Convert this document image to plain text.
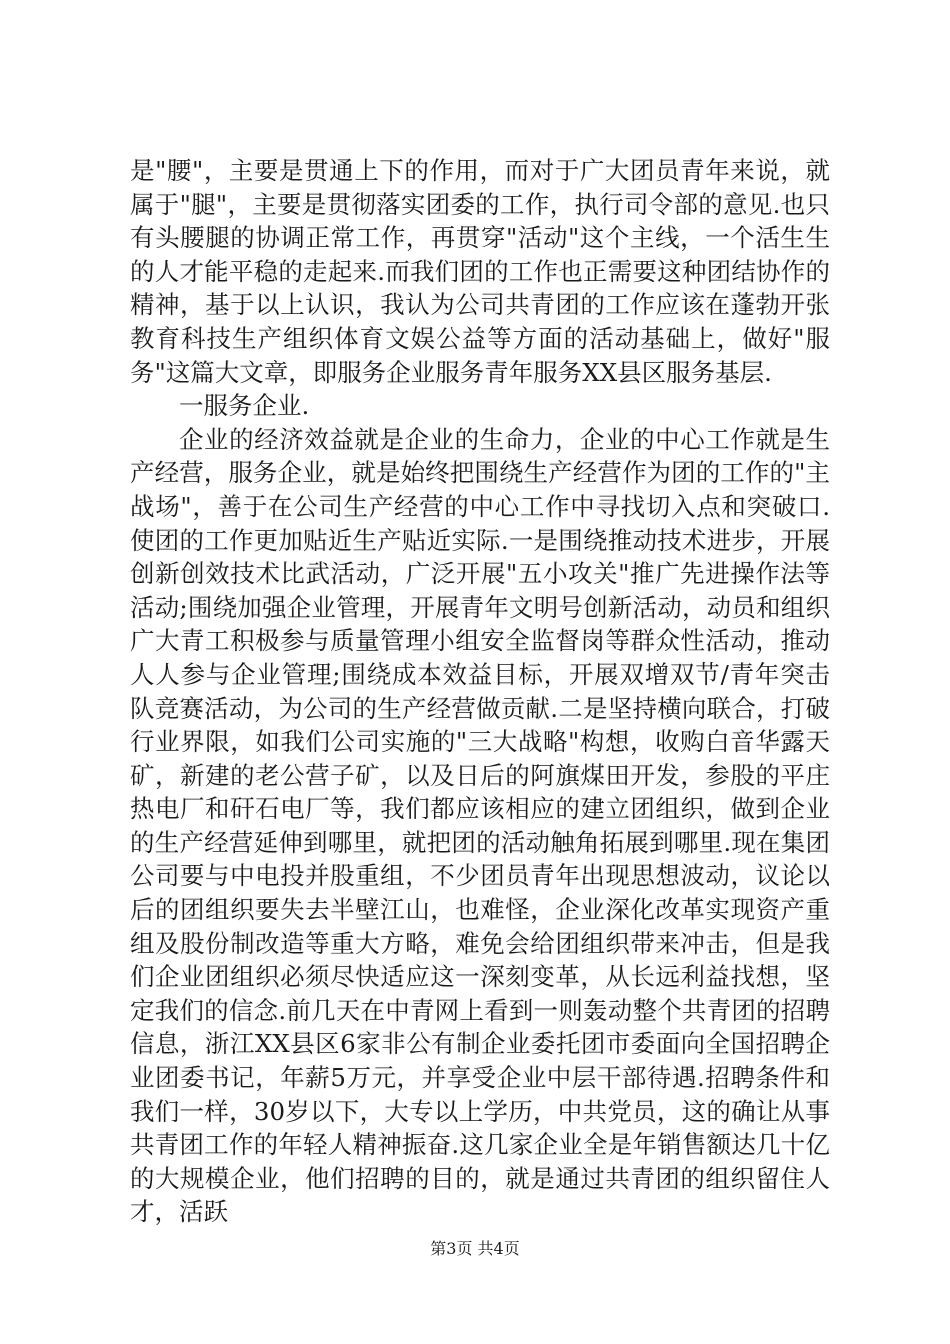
是"腰"，主要是贯通上下的作用，而对于广大团员青年来说，就属于"腿"，主要是贯彻落实团委的工作，执行司令部的意见.也只有头腰腿的协调正常工作，再贯穿"活动"这个主线，一个活生生的人才能平稳的走起来.而我们团的工作也正需要这种团结协作的精神，基于以上认识，我认为公司共青团的工作应该在蓬勃开张教育科技生产组织体育文娱公益等方面的活动基础上，做好"服务"这篇大文章，即服务企业服务青年服务XX县区服务基层.

一服务企业.

企业的经济效益就是企业的生命力，企业的中心工作就是生产经营，服务企业，就是始终把围绕生产经营作为团的工作的"主战场"，善于在公司生产经营的中心工作中寻找切入点和突破口.使团的工作更加贴近生产贴近实际.一是围绕推动技术进步，开展创新创效技术比武活动，广泛开展"五小攻关"推广先进操作法等活动;围绕加强企业管理，开展青年文明号创新活动，动员和组织广大青工积极参与质量管理小组安全监督岗等群众性活动，推动人人参与企业管理;围绕成本效益目标，开展双增双节/青年突击队竞赛活动，为公司的生产经营做贡献.二是坚持横向联合，打破行业界限，如我们公司实施的"三大战略"构想，收购白音华露天矿，新建的老公营子矿，以及日后的阿旗煤田开发，参股的平庄热电厂和矸石电厂等，我们都应该相应的建立团组织，做到企业的生产经营延伸到哪里，就把团的活动触角拓展到哪里.现在集团公司要与中电投并股重组，不少团员青年出现思想波动，议论以后的团组织要失去半壁江山，也难怪，企业深化改革实现资产重组及股份制改造等重大方略，难免会给团组织带来冲击，但是我们企业团组织必须尽快适应这一深刻变革，从长远利益找想，坚定我们的信念.前几天在中青网上看到一则轰动整个共青团的招聘信息，浙江XX县区6家非公有制企业委托团市委面向全国招聘企业团委书记，年薪5万元，并享受企业中层干部待遇.招聘条件和我们一样，30岁以下，大专以上学历，中共党员，这的确让从事共青团工作的年轻人精神振奋.这几家企业全是年销售额达几十亿的大规模企业，他们招聘的目的，就是通过共青团的组织留住人才，活跃

第3页 共4页
